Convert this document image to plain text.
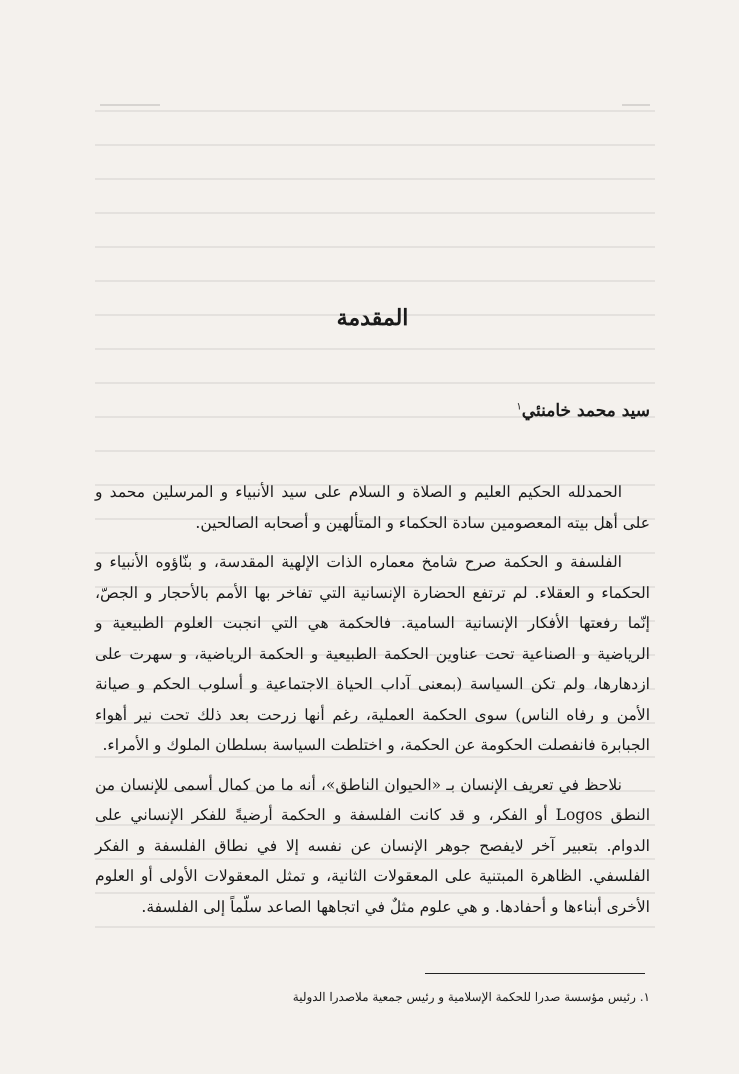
المقدمة
سيد محمد خامنئي$^١$

الحمدلله الحكيم العليم و الصلاة و السلام على سيد الأنبياء و المرسلين محمد و على أهل بيته المعصومين سادة الحكماء و المتألهين و أصحابه الصالحين.

الفلسفة و الحكمة صرح شامخ معماره الذات الإلهية المقدسة، و بنّاؤوه الأنبياء و الحكماء و العقلاء. لم ترتفع الحضارة الإنسانية التي تفاخر بها الأمم بالأحجار و الجصّ، إنّما رفعتها الأفكار الإنسانية السامية. فالحكمة هي التي انجبت العلوم الطبيعية و الرياضية و الصناعية تحت عناوين الحكمة الطبيعية و الحكمة الرياضية، و سهرت على ازدهارها، ولم تكن السياسة (بمعنى آداب الحياة الاجتماعية و أسلوب الحكم و صيانة الأمن و رفاه الناس) سوى الحكمة العملية، رغم أنها زرحت بعد ذلك تحت نير أهواء الجبابرة فانفصلت الحكومة عن الحكمة، و اختلطت السياسة بسلطان الملوك و الأمراء.

نلاحظ في تعريف الإنسان بـ «الحيوان الناطق»، أنه ما من كمال أسمى للإنسان من النطق Logos أو الفكر، و قد كانت الفلسفة و الحكمة أرضيةً للفكر الإنساني على الدوام. بتعبير آخر لايفصح جوهر الإنسان عن نفسه إلا في نطاق الفلسفة و الفكر الفلسفي. الظاهرة المبتنية على المعقولات الثانية، و تمثل المعقولات الأولى أو العلوم الأخرى أبناءها و أحفادها. و هي علوم مثلٌ في اتجاهها الصاعد سلّماً إلى الفلسفة.

١. رئيس مؤسسة صدرا للحكمة الإسلامية و رئيس جمعية ملاصدرا الدولية
